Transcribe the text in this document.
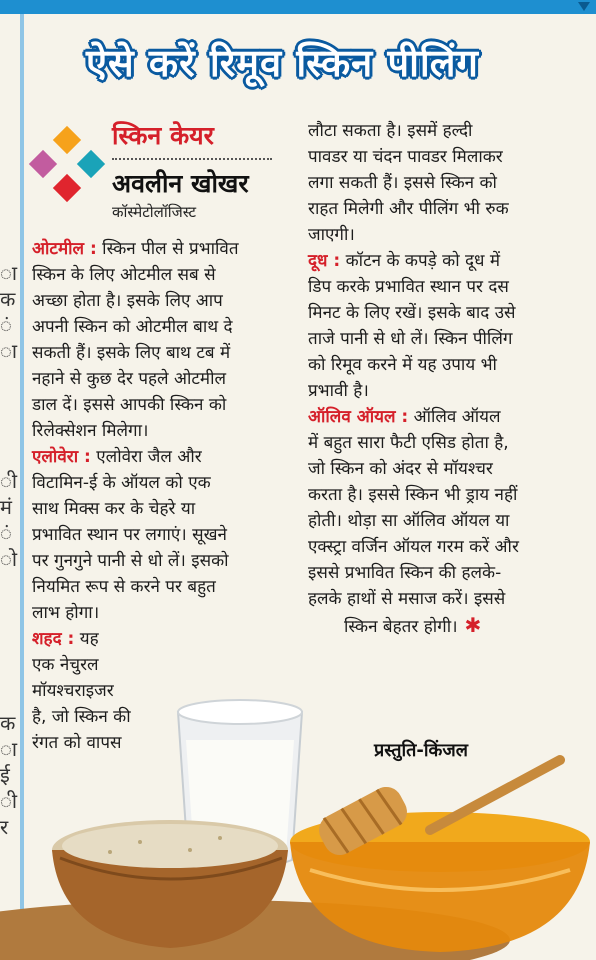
ा
क
ं
ा
ी
मं
ं
ो
क
ा
ई
ी
र
ऐसे करें रिमूव स्किन पीलिंग
स्किन केयर
अवलीन खोखर
कॉस्मेटोलॉजिस्ट

ओटमील : स्किन पील से प्रभावित

स्किन के लिए ओटमील सब से

अच्छा होता है। इसके लिए आप

अपनी स्किन को ओटमील बाथ दे

सकती हैं। इसके लिए बाथ टब में

नहाने से कुछ देर पहले ओटमील

डाल दें। इससे आपकी स्किन को

रिलेक्सेशन मिलेगा।

एलोवेरा : एलोवेरा जैल और

विटामिन-ई के ऑयल को एक

साथ मिक्स कर के चेहरे या

प्रभावित स्थान पर लगाएं। सूखने

पर गुनगुने पानी से धो लें। इसको

नियमित रूप से करने पर बहुत

लाभ होगा।

शहद : यह

एक नेचुरल

मॉयश्चराइजर

है, जो स्किन की

रंगत को वापस

लौटा सकता है। इसमें हल्दी

पावडर या चंदन पावडर मिलाकर

लगा सकती हैं। इससे स्किन को

राहत मिलेगी और पीलिंग भी रुक

जाएगी।

दूध : कॉटन के कपड़े को दूध में

डिप करके प्रभावित स्थान पर दस

मिनट के लिए रखें। इसके बाद उसे

ताजे पानी से धो लें। स्किन पीलिंग

को रिमूव करने में यह उपाय भी

प्रभावी है।

ऑलिव ऑयल : ऑलिव ऑयल

में बहुत सारा फैटी एसिड होता है,

जो स्किन को अंदर से मॉयश्चर

करता है। इससे स्किन भी ड्राय नहीं

होती। थोड़ा सा ऑलिव ऑयल या

एक्स्ट्रा वर्जिन ऑयल गरम करें और

इससे प्रभावित स्किन की हलके-

हलके हाथों से मसाज करें। इससे

स्किन बेहतर होगी। ✱

प्रस्तुति-किंजल
